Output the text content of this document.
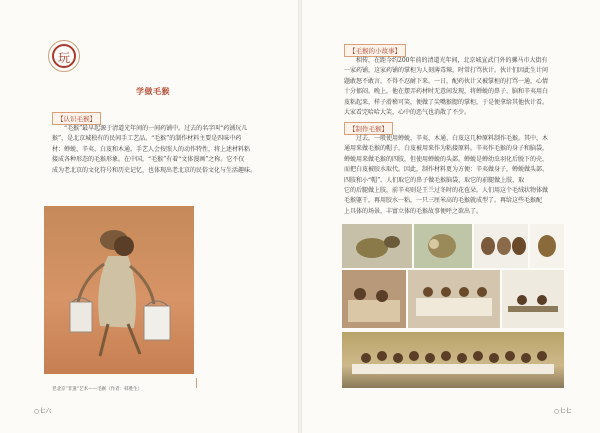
玩
学做毛猴
【认识毛猴】

　　“毛猴”最早起源于清道光年间的一间药铺中。过去的名字叫“药铺玩儿
猴”，是北京城独有的民间手工艺品。“毛猴”的制作材料主要是四味中药
材：蝉蜕、辛夷、白芨和木通。手艺人会按照人的动作特性，将上述材料粘
接成各种形态的毛猴形象。在中国，“毛猴”有着“文体漫画”之称。它不仅
成为老北京的文化符号和历史记忆，也体现出老北京的民俗文化与生活趣味。

老北京“非遗”艺术——毛猴（作者：韩胜生）
○七六
【毛猴的小故事】

　　相传，在距今约200年前的清道光年间，北京城宣武门外的骡马市大街有
一家药铺，这家药铺的掌柜为人刻薄毒辣，时常打骂伙计。伙计们因此生计问
题敢怒不敢言，不得不忍耐下来。一日，配药伙计又被掌柜的打骂一通，心情
十分郁闷。晚上，他在摆弄药材时无意间发现，将蝉蜕的鼻子、脑和辛夷用白
芨粘起来，样子滑稽可笑，便做了尖嘴猴腮的掌柜，于是便拿给其他伙计看。
大家看完哈哈大笑，心中的恶气也消散了不少。

【制作毛猴】

　　过去，一般使用蝉蜕、辛夷、木通、白芨这几种原料制作毛猴。其中，木
通用来做毛猴的帽子，白芨被用来作为粘接原料。辛夷作毛猴的身子和脑袋，
蝉蜕用来做毛猴的四肢，但使用蝉蜕的头部。蝉蜕是蝉幼虫羽化后脱下的壳，
而把白芨被胶水取代。因此，制作材料更为方便：辛夷做身子，蝉蜕做头部、
四肢和小“帽”。人们取它的鼻子做毛猴脑袋，取它的前腿做上肢，取
它的后腿做上肢。前辛夷则是王兰过冬时的花苞朵。人们用这个毛绒状物体做
毛猴躯干，再用胶水一粘，一只三厘米高的毛猴就成型了。再给这些毛猴配
上具体的场景，丰富立体的毛猴故事便呼之欲出了。

○七七
